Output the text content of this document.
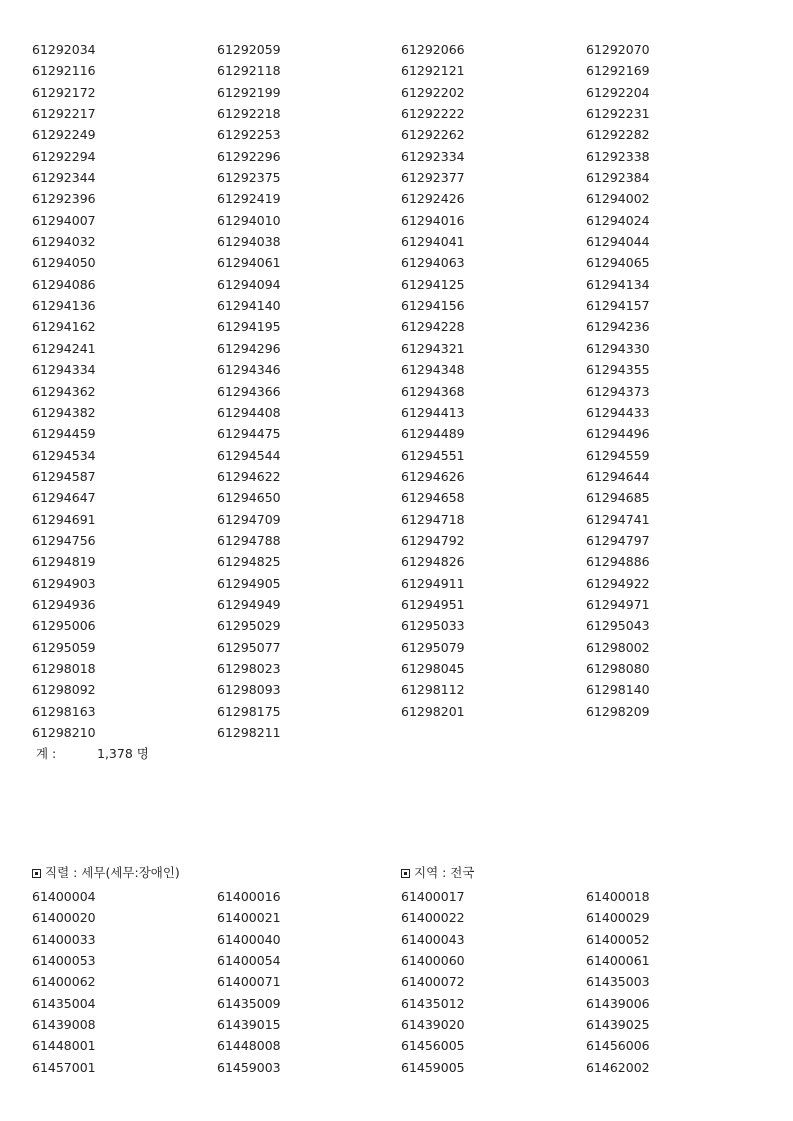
61292034	61292059	61292066	61292070
61292116	61292118	61292121	61292169
61292172	61292199	61292202	61292204
61292217	61292218	61292222	61292231
61292249	61292253	61292262	61292282
61292294	61292296	61292334	61292338
61292344	61292375	61292377	61292384
61292396	61292419	61292426	61294002
61294007	61294010	61294016	61294024
61294032	61294038	61294041	61294044
61294050	61294061	61294063	61294065
61294086	61294094	61294125	61294134
61294136	61294140	61294156	61294157
61294162	61294195	61294228	61294236
61294241	61294296	61294321	61294330
61294334	61294346	61294348	61294355
61294362	61294366	61294368	61294373
61294382	61294408	61294413	61294433
61294459	61294475	61294489	61294496
61294534	61294544	61294551	61294559
61294587	61294622	61294626	61294644
61294647	61294650	61294658	61294685
61294691	61294709	61294718	61294741
61294756	61294788	61294792	61294797
61294819	61294825	61294826	61294886
61294903	61294905	61294911	61294922
61294936	61294949	61294951	61294971
61295006	61295029	61295033	61295043
61295059	61295077	61295079	61298002
61298018	61298023	61298045	61298080
61298092	61298093	61298112	61298140
61298163	61298175	61298201	61298209
61298210	61298211
계 :	1,378 명
직렬 : 세무(세무:장애인)	지역 : 전국
61400004	61400016	61400017	61400018
61400020	61400021	61400022	61400029
61400033	61400040	61400043	61400052
61400053	61400054	61400060	61400061
61400062	61400071	61400072	61435003
61435004	61435009	61435012	61439006
61439008	61439015	61439020	61439025
61448001	61448008	61456005	61456006
61457001	61459003	61459005	61462002
